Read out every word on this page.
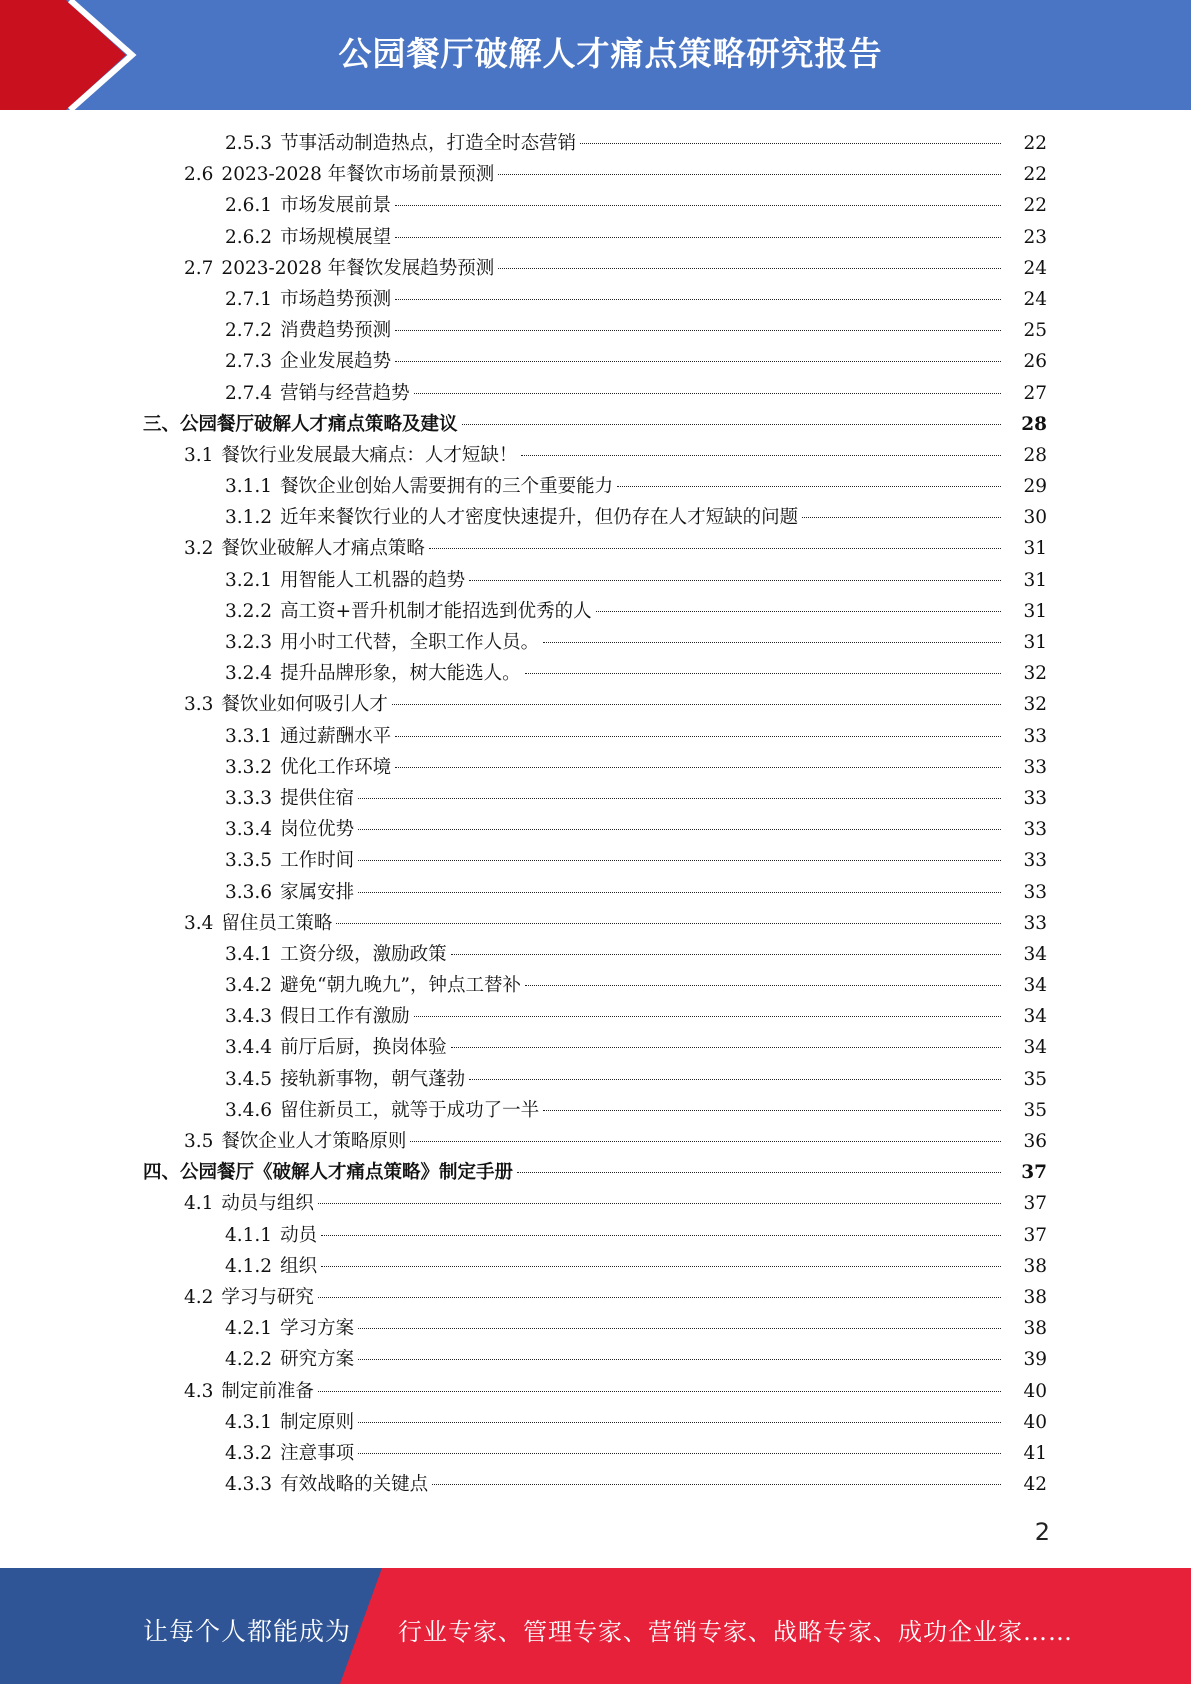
公园餐厅破解人才痛点策略研究报告
2.5.3 节事活动制造热点，打造全时态营销	22
2.6 2023-2028 年餐饮市场前景预测	22
2.6.1 市场发展前景	22
2.6.2 市场规模展望	23
2.7 2023-2028 年餐饮发展趋势预测	24
2.7.1 市场趋势预测	24
2.7.2 消费趋势预测	25
2.7.3 企业发展趋势	26
2.7.4 营销与经营趋势	27
三、 公园餐厅破解人才痛点策略及建议	28
3.1 餐饮行业发展最大痛点：人才短缺！	28
3.1.1 餐饮企业创始人需要拥有的三个重要能力	29
3.1.2 近年来餐饮行业的人才密度快速提升，但仍存在人才短缺的问题	30
3.2 餐饮业破解人才痛点策略	31
3.2.1 用智能人工机器的趋势	31
3.2.2 高工资+晋升机制才能招选到优秀的人	31
3.2.3 用小时工代替，全职工作人员。	31
3.2.4 提升品牌形象，树大能选人。	32
3.3 餐饮业如何吸引人才	32
3.3.1 通过薪酬水平	33
3.3.2 优化工作环境	33
3.3.3 提供住宿	33
3.3.4 岗位优势	33
3.3.5 工作时间	33
3.3.6 家属安排	33
3.4 留住员工策略	33
3.4.1 工资分级，激励政策	34
3.4.2 避免“朝九晚九”，钟点工替补	34
3.4.3 假日工作有激励	34
3.4.4 前厅后厨，换岗体验	34
3.4.5 接轨新事物，朝气蓬勃	35
3.4.6 留住新员工，就等于成功了一半	35
3.5 餐饮企业人才策略原则	36
四、 公园餐厅《破解人才痛点策略》制定手册	37
4.1 动员与组织	37
4.1.1 动员	37
4.1.2 组织	38
4.2 学习与研究	38
4.2.1 学习方案	38
4.2.2 研究方案	39
4.3 制定前准备	40
4.3.1 制定原则	40
4.3.2 注意事项	41
4.3.3 有效战略的关键点	42
2
让每个人都能成为 行业专家、管理专家、营销专家、战略专家、成功企业家……
